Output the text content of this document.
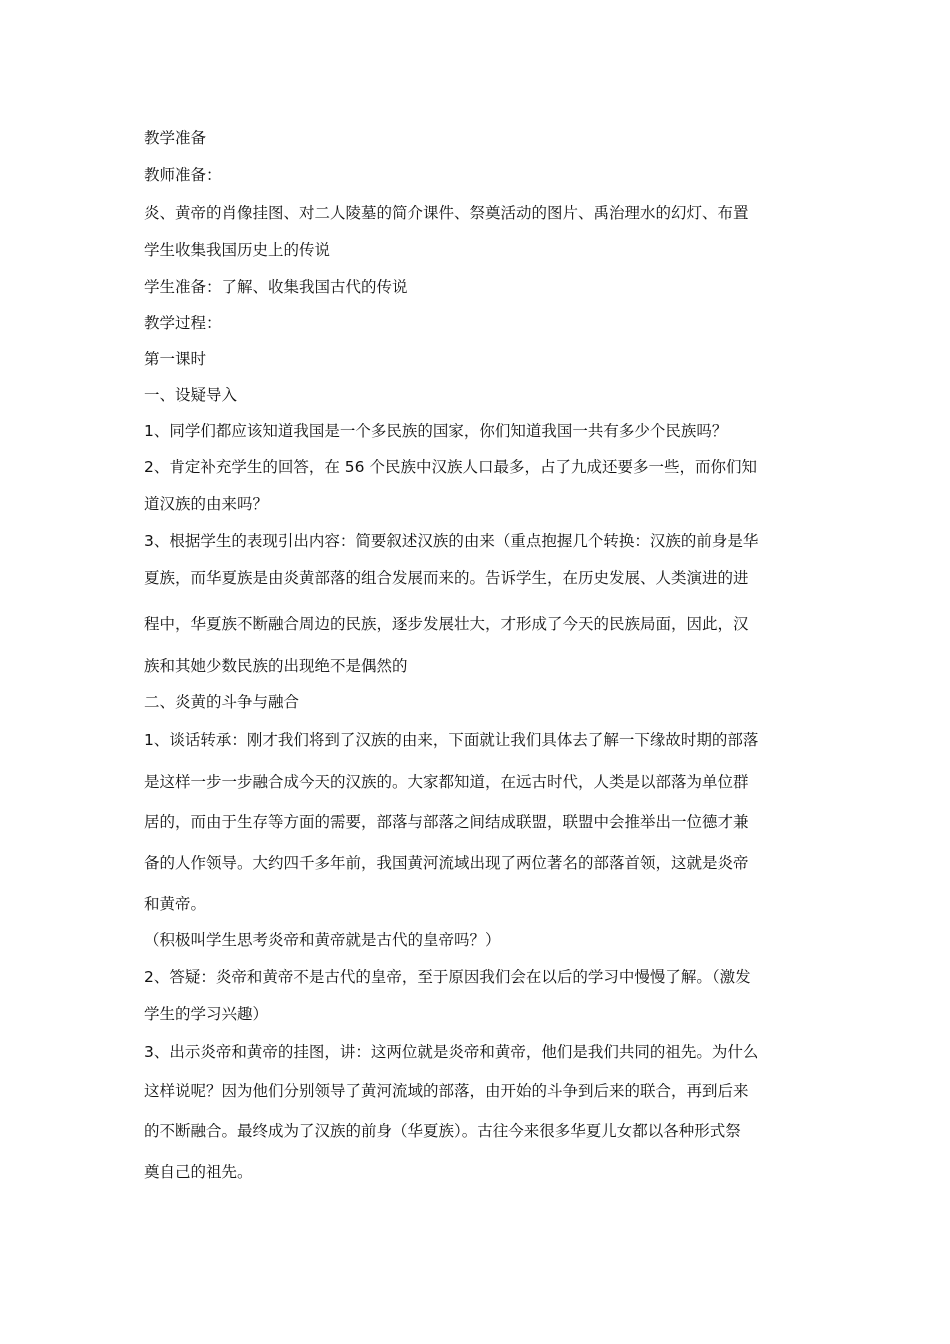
教学准备
教师准备：
炎、黄帝的肖像挂图、对二人陵墓的简介课件、祭奠活动的图片、禹治理水的幻灯、布置
学生收集我国历史上的传说
学生准备：了解、收集我国古代的传说
教学过程：
第一课时
一、设疑导入
1、同学们都应该知道我国是一个多民族的国家，你们知道我国一共有多少个民族吗？
2、肯定补充学生的回答，在 56 个民族中汉族人口最多，占了九成还要多一些，而你们知
道汉族的由来吗？
3、根据学生的表现引出内容：简要叙述汉族的由来（重点抱握几个转换：汉族的前身是华
夏族，而华夏族是由炎黄部落的组合发展而来的。告诉学生，在历史发展、人类演进的进
程中，华夏族不断融合周边的民族，逐步发展壮大，才形成了今天的民族局面，因此，汉
族和其她少数民族的出现绝不是偶然的
二、炎黄的斗争与融合
1、谈话转承：刚才我们将到了汉族的由来，下面就让我们具体去了解一下缘故时期的部落
是这样一步一步融合成今天的汉族的。大家都知道，在远古时代，人类是以部落为单位群
居的，而由于生存等方面的需要，部落与部落之间结成联盟，联盟中会推举出一位德才兼
备的人作领导。大约四千多年前，我国黄河流域出现了两位著名的部落首领，这就是炎帝
和黄帝。
（积极叫学生思考炎帝和黄帝就是古代的皇帝吗？）
2、答疑：炎帝和黄帝不是古代的皇帝，至于原因我们会在以后的学习中慢慢了解。（激发
学生的学习兴趣）
3、出示炎帝和黄帝的挂图，讲：这两位就是炎帝和黄帝，他们是我们共同的祖先。为什么
这样说呢？因为他们分别领导了黄河流域的部落，由开始的斗争到后来的联合，再到后来
的不断融合。最终成为了汉族的前身（华夏族）。古往今来很多华夏儿女都以各种形式祭
奠自己的祖先。
